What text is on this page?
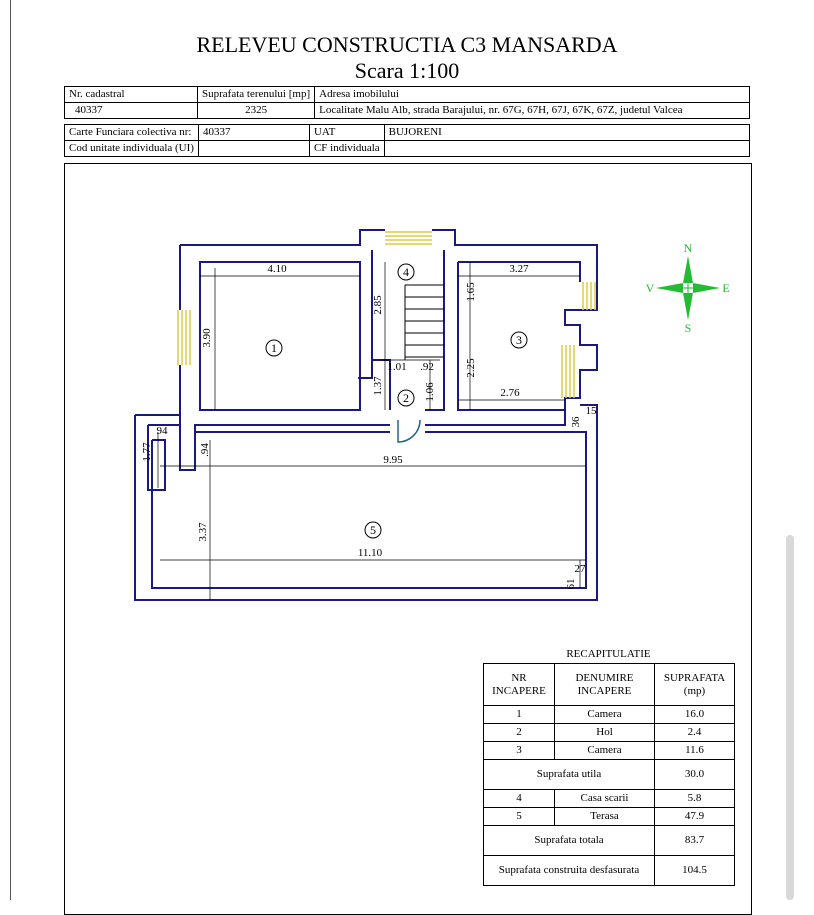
RELEVEU CONSTRUCTIA C3 MANSARDA
Scara 1:100
Nr. cadastral	Suprafata terenului [mp]	Adresa imobilului
40337	2325	Localitate Malu Alb, strada Barajului, nr. 67G, 67H, 67J, 67K, 67Z, judetul Valcea
Carte Funciara colectiva nr:	40337	UAT	BUJORENI
Cod unitate individuala (UI)		CF individuala	
1
2
3
4
5
4.10
3.90
2.85
1.01 .92
1.37	1.06
3.27
1.65
2.25
2.76
36
15
94
1.77	.94
9.95
3.37
11.10
27
61
N
S
V	E
RECAPITULATIE
NR INCAPERE	DENUMIRE INCAPERE	SUPRAFATA (mp)
1	Camera	16.0
2	Hol	2.4
3	Camera	11.6
Suprafata utila		30.0
4	Casa scarii	5.8
5	Terasa	47.9
Suprafata totala		83.7
Suprafata construita desfasurata		104.5
